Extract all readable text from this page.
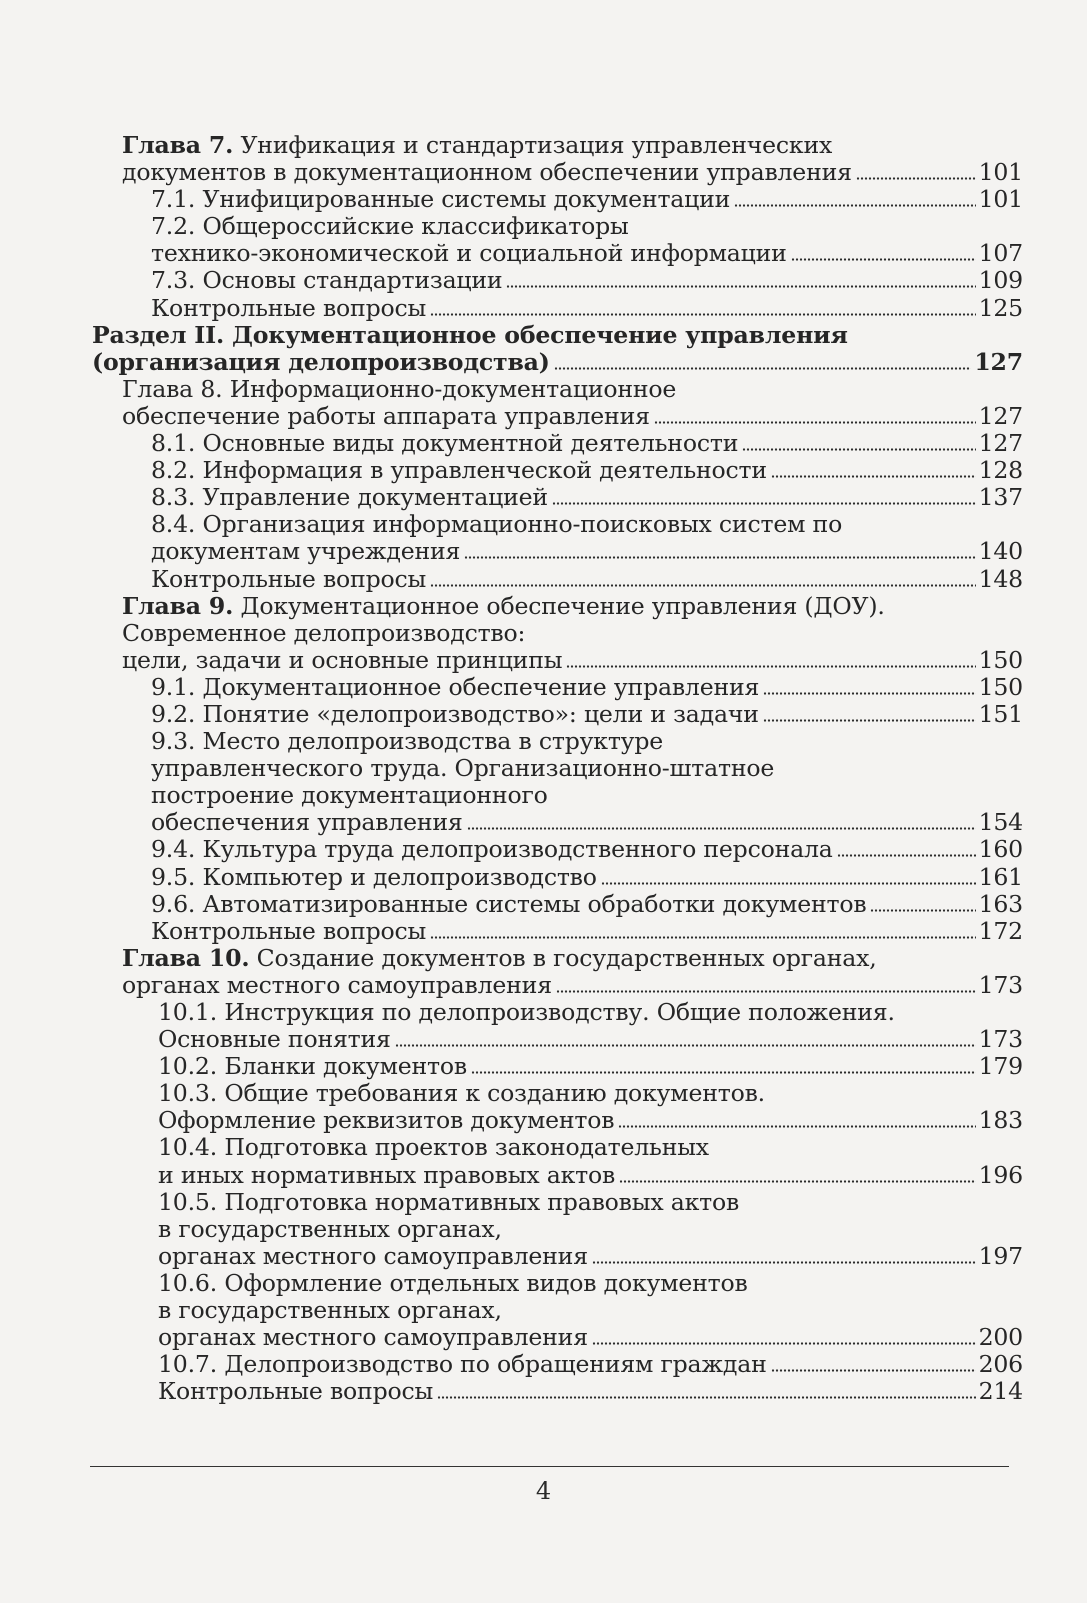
Глава 7. Унификация и стандартизация управленческих
документов в документационном обеспечении управления	101
7.1. Унифицированные системы документации	101
7.2. Общероссийские классификаторы
технико-экономической и социальной информации	107
7.3. Основы стандартизации	109
Контрольные вопросы	125
Раздел II. Документационное обеспечение управления
(организация делопроизводства)	127
Глава 8. Информационно-документационное
обеспечение работы аппарата управления	127
8.1. Основные виды документной деятельности	127
8.2. Информация в управленческой деятельности	128
8.3. Управление документацией	137
8.4. Организация информационно-поисковых систем по
документам учреждения	140
Контрольные вопросы	148
Глава 9. Документационное обеспечение управления (ДОУ).
Современное делопроизводство:
цели, задачи и основные принципы	150
9.1. Документационное обеспечение управления	150
9.2. Понятие «делопроизводство»: цели и задачи	151
9.3. Место делопроизводства в структуре
управленческого труда. Организационно-штатное
построение документационного
обеспечения управления	154
9.4. Культура труда делопроизводственного персонала	160
9.5. Компьютер и делопроизводство	161
9.6. Автоматизированные системы обработки документов	163
Контрольные вопросы	172
Глава 10. Создание документов в государственных органах,
органах местного самоуправления	173
10.1. Инструкция по делопроизводству. Общие положения.
Основные понятия	173
10.2. Бланки документов	179
10.3. Общие требования к созданию документов.
Оформление реквизитов документов	183
10.4. Подготовка проектов законодательных
и иных нормативных правовых актов	196
10.5. Подготовка нормативных правовых актов
в государственных органах,
органах местного самоуправления	197
10.6. Оформление отдельных видов документов
в государственных органах,
органах местного самоуправления	200
10.7. Делопроизводство по обращениям граждан	206
Контрольные вопросы	214
4
